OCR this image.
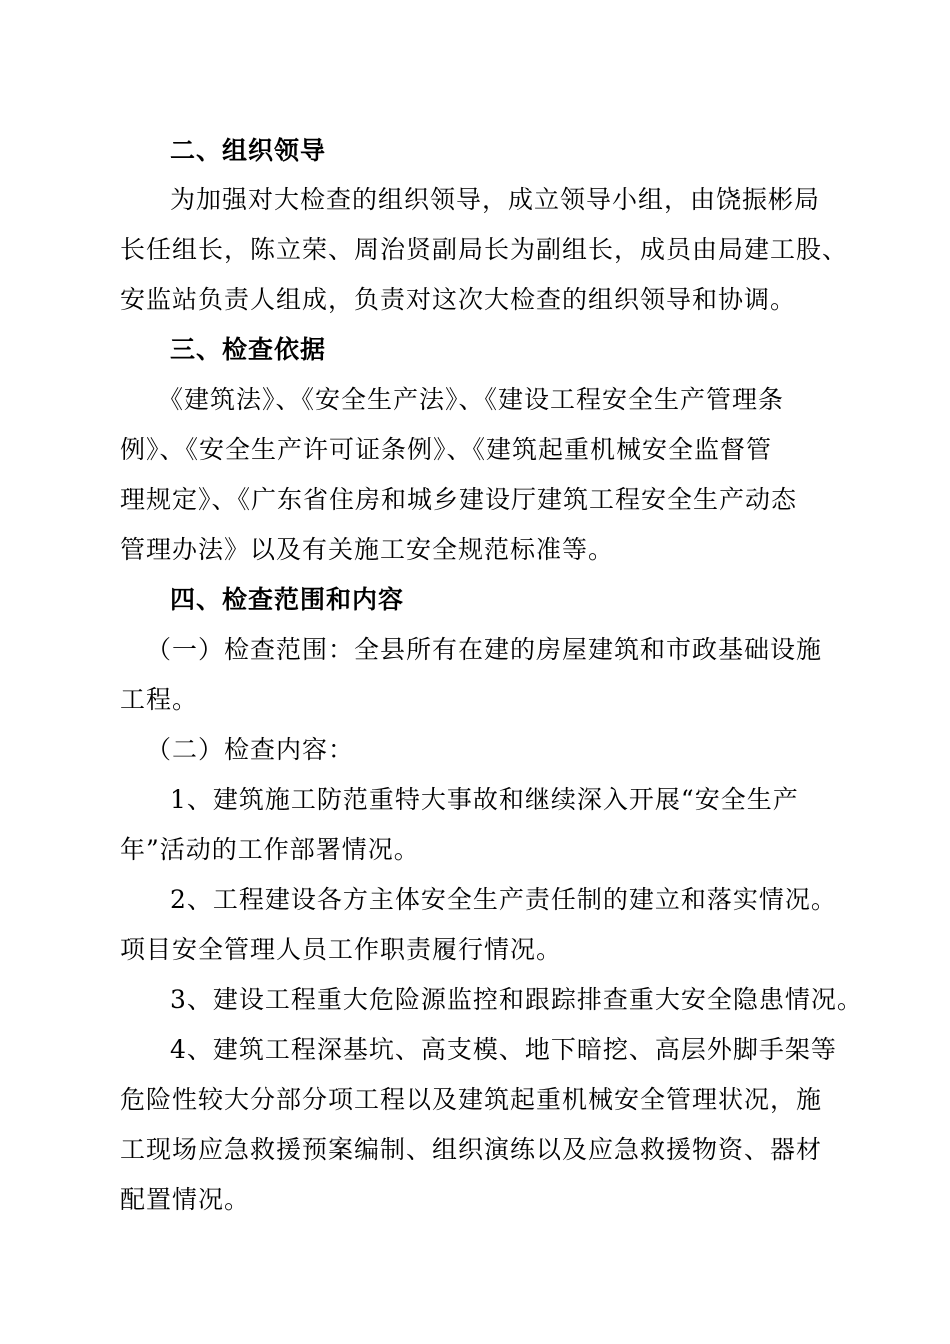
二、组织领导
为加强对大检查的组织领导，成立领导小组，由饶振彬局
长任组长，陈立荣、周治贤副局长为副组长，成员由局建工股、
安监站负责人组成，负责对这次大检查的组织领导和协调。
三、检查依据
《建筑法》、《安全生产法》、《建设工程安全生产管理条
例》、《安全生产许可证条例》、《建筑起重机械安全监督管
理规定》、《广东省住房和城乡建设厅建筑工程安全生产动态
管理办法》以及有关施工安全规范标准等。
四、检查范围和内容
（一）检查范围：全县所有在建的房屋建筑和市政基础设施
工程。
（二）检查内容：
1、建筑施工防范重特大事故和继续深入开展“安全生产
年”活动的工作部署情况。
2、工程建设各方主体安全生产责任制的建立和落实情况。
项目安全管理人员工作职责履行情况。
3、建设工程重大危险源监控和跟踪排查重大安全隐患情况。
4、建筑工程深基坑、高支模、地下暗挖、高层外脚手架等
危险性较大分部分项工程以及建筑起重机械安全管理状况，施
工现场应急救援预案编制、组织演练以及应急救援物资、器材
配置情况。
